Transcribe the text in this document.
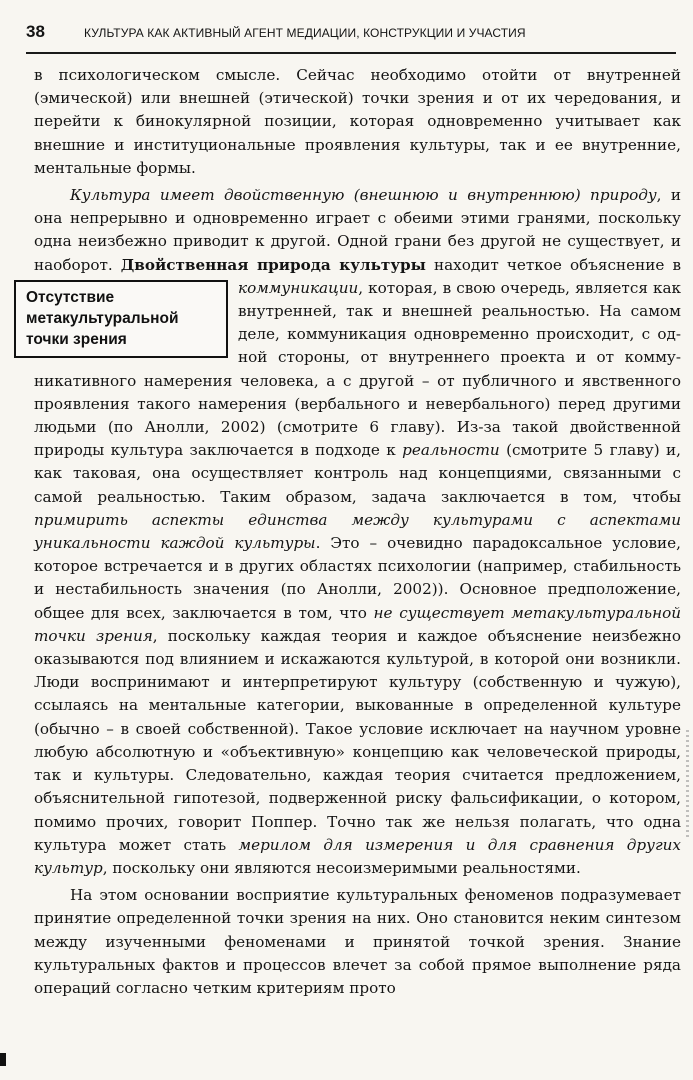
38	КУЛЬТУРА КАК АКТИВНЫЙ АГЕНТ МЕДИАЦИИ, КОНСТРУКЦИИ И УЧАСТИЯ

в психологическом смысле. Сейчас необходимо отойти от внутренней (эмической) или внешней (этической) точки зрения и от их чередования, и перейти к бинокулярной позиции, которая одновременно учитывает как внешние и институциональные проявления культуры, так и ее внутренние, ментальные формы.

Культура имеет двойственную (внешнюю и внутреннюю) природу, и она непрерывно и одновременно играет с обеими этими гранями, поскольку одна неизбежно приводит к другой. Одной грани без другой не существует, и наоборот. Двойственная природа культуры находит четкое объяснение в
Отсутствие
метакультуральной
точки зрения
коммуникации, которая, в свою очередь, является как внутренней, так и внешней реальностью. На самом деле, коммуникация одновременно происходит, с одной стороны, от внутреннего проекта и от коммуникативного намерения человека, а с другой – от публичного и явственного проявления такого намерения (вербального и невербального) перед другими людьми (по Анолли, 2002) (смотрите 6 главу). Из-за такой двойственной природы культура заключается в подходе к реальности (смотрите 5 главу) и, как таковая, она осуществляет контроль над концепциями, связанными с самой реальностью. Таким образом, задача заключается в том, чтобы примирить аспекты единства между культурами с аспектами уникальности каждой культуры. Это – очевидно парадоксальное условие, которое встречается и в других областях психологии (например, стабильность и нестабильность значения (по Анолли, 2002)). Основное предположение, общее для всех, заключается в том, что не существует метакультуральной точки зрения, поскольку каждая теория и каждое объяснение неизбежно оказываются под влиянием и искажаются культурой, в которой они возникли. Люди воспринимают и интерпретируют культуру (собственную и чужую), ссылаясь на ментальные категории, выкованные в определенной культуре (обычно – в своей собственной). Такое условие исключает на научном уровне любую абсолютную и «объективную» концепцию как человеческой природы, так и культуры. Следовательно, каждая теория считается предложением, объяснительной гипотезой, подверженной риску фальсификации, о котором, помимо прочих, говорит Поппер. Точно так же нельзя полагать, что одна культура может стать мерилом для измерения и для сравнения других культур, поскольку они являются несоизмеримыми реальностями.

На этом основании восприятие культуральных феноменов подразумевает принятие определенной точки зрения на них. Оно становится неким синтезом между изученными феноменами и принятой точкой зрения. Знание культуральных фактов и процессов влечет за собой прямое выполнение ряда операций согласно четким критериям прото
